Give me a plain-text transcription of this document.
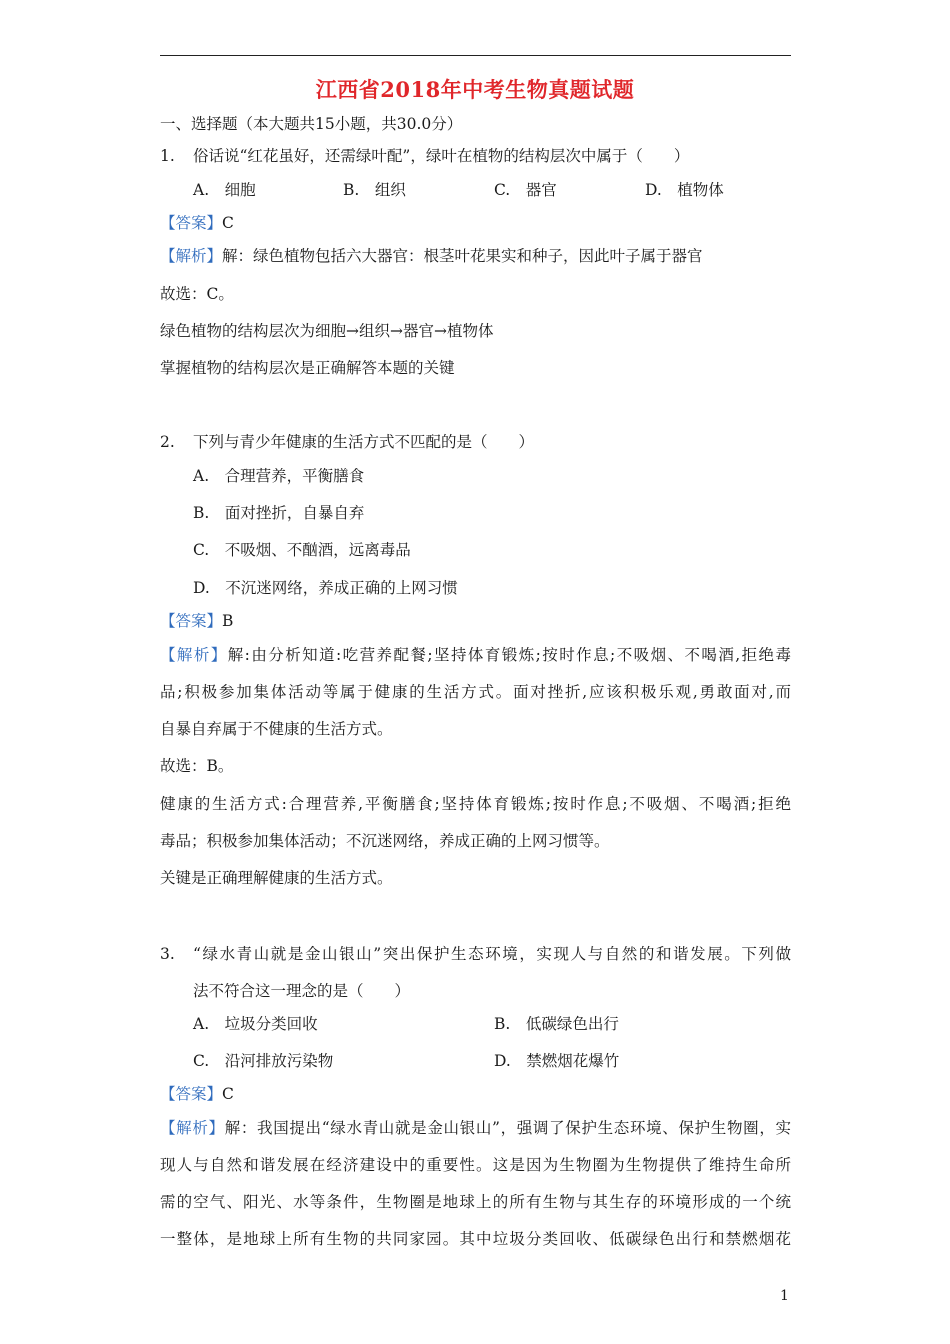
江西省2018年中考生物真题试题
一、选择题（本大题共15小题，共30.0分）
1. 俗话说“红花虽好，还需绿叶配”，绿叶在植物的结构层次中属于（　　）
A.　细胞	B.　组织	C.　器官	D.　植物体
【答案】C
【解析】解：绿色植物包括六大器官：根茎叶花果实和种子，因此叶子属于器官
故选：C。
绿色植物的结构层次为细胞→组织→器官→植物体
掌握植物的结构层次是正确解答本题的关键
2. 下列与青少年健康的生活方式不匹配的是（　　）
A.　合理营养，平衡膳食
B.　面对挫折，自暴自弃
C.　不吸烟、不酗酒，远离毒品
D.　不沉迷网络，养成正确的上网习惯
【答案】B
【解析】解:由分析知道:吃营养配餐;坚持体育锻炼;按时作息;不吸烟、不喝酒,拒绝毒
品;积极参加集体活动等属于健康的生活方式。面对挫折,应该积极乐观,勇敢面对,而
自暴自弃属于不健康的生活方式。
故选：B。
健康的生活方式:合理营养,平衡膳食;坚持体育锻炼;按时作息;不吸烟、不喝酒;拒绝
毒品；积极参加集体活动；不沉迷网络，养成正确的上网习惯等。
关键是正确理解健康的生活方式。
3. “绿水青山就是金山银山”突出保护生态环境，实现人与自然的和谐发展。下列做
法不符合这一理念的是（　　）
A.　垃圾分类回收	B.　低碳绿色出行
C.　沿河排放污染物	D.　禁燃烟花爆竹
【答案】C
【解析】解：我国提出“绿水青山就是金山银山”，强调了保护生态环境、保护生物圈，实
现人与自然和谐发展在经济建设中的重要性。这是因为生物圈为生物提供了维持生命所
需的空气、阳光、水等条件，生物圈是地球上的所有生物与其生存的环境形成的一个统
一整体，是地球上所有生物的共同家园。其中垃圾分类回收、低碳绿色出行和禁燃烟花
1
